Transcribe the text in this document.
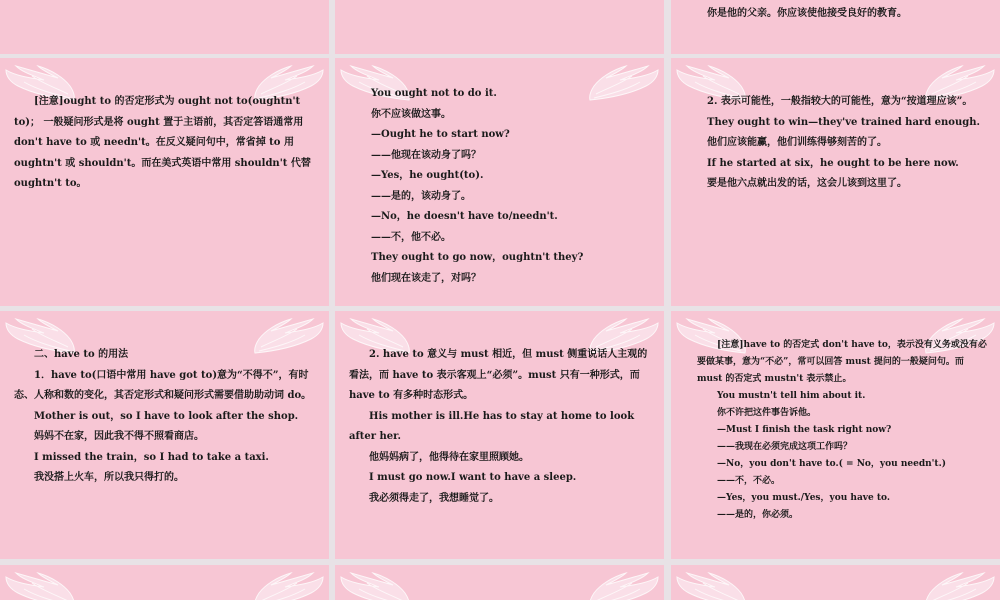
你是他的父亲。你应该使他接受良好的教育。

[注意]ought to 的否定形式为 ought not to(oughtn't to)； 一般疑问形式是将 ought 置于主语前，其否定答语通常用 don't have to 或 needn't。在反义疑问句中，常省掉 to 用 oughtn't 或 shouldn't。而在美式英语中常用 shouldn't 代替 oughtn't to。

You ought not to do it.

你不应该做这事。

—Ought he to start now?

——他现在该动身了吗？

—Yes，he ought(to).

——是的，该动身了。

—No，he doesn't have to/needn't.

——不，他不必。

They ought to go now，oughtn't they?

他们现在该走了，对吗？

2. 表示可能性，一般指较大的可能性，意为“按道理应该”。

They ought to win—they've trained hard enough.

他们应该能赢，他们训练得够刻苦的了。

If he started at six，he ought to be here now.

要是他六点就出发的话，这会儿该到这里了。

二、have to 的用法

1．have to(口语中常用 have got to)意为“不得不”，有时态、人称和数的变化，其否定形式和疑问形式需要借助助动词 do。

Mother is out，so I have to look after the shop.

妈妈不在家，因此我不得不照看商店。

I missed the train，so I had to take a taxi.

我没搭上火车，所以我只得打的。

2. have to 意义与 must 相近，但 must 侧重说话人主观的看法，而 have to 表示客观上“必须”。must 只有一种形式，而 have to 有多种时态形式。

His mother is ill.He has to stay at home to look after her.

他妈妈病了，他得待在家里照顾她。

I must go now.I want to have a sleep.

我必须得走了，我想睡觉了。

[注意]have to 的否定式 don't have to，表示没有义务或没有必要做某事，意为“不必”，常可以回答 must 提问的一般疑问句。而 must 的否定式 mustn't 表示禁止。

You mustn't tell him about it.

你不许把这件事告诉他。

—Must I finish the task right now?

——我现在必须完成这项工作吗？

—No，you don't have to.( = No，you needn't.)

——不，不必。

—Yes，you must./Yes，you have to.

——是的，你必须。
